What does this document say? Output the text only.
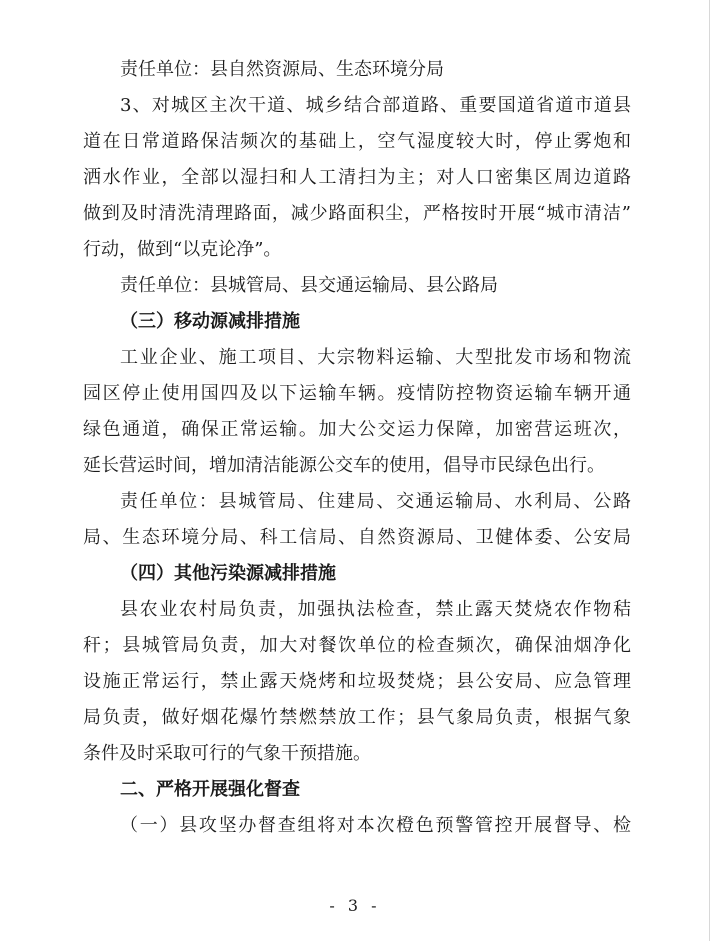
责任单位：县自然资源局、生态环境分局
3、对城区主次干道、城乡结合部道路、重要国道省道市道县
道在日常道路保洁频次的基础上，空气湿度较大时，停止雾炮和
洒水作业，全部以湿扫和人工清扫为主；对人口密集区周边道路
做到及时清洗清理路面，减少路面积尘，严格按时开展“城市清洁”
行动，做到“以克论净”。
责任单位：县城管局、县交通运输局、县公路局
（三）移动源减排措施
工业企业、施工项目、大宗物料运输、大型批发市场和物流
园区停止使用国四及以下运输车辆。疫情防控物资运输车辆开通
绿色通道，确保正常运输。加大公交运力保障，加密营运班次，
延长营运时间，增加清洁能源公交车的使用，倡导市民绿色出行。
责任单位：县城管局、住建局、交通运输局、水利局、公路
局、生态环境分局、科工信局、自然资源局、卫健体委、公安局
（四）其他污染源减排措施
县农业农村局负责，加强执法检查，禁止露天焚烧农作物秸
秆；县城管局负责，加大对餐饮单位的检查频次，确保油烟净化
设施正常运行，禁止露天烧烤和垃圾焚烧；县公安局、应急管理
局负责，做好烟花爆竹禁燃禁放工作；县气象局负责，根据气象
条件及时采取可行的气象干预措施。
二、严格开展强化督查
（一）县攻坚办督查组将对本次橙色预警管控开展督导、检
- 3 -
